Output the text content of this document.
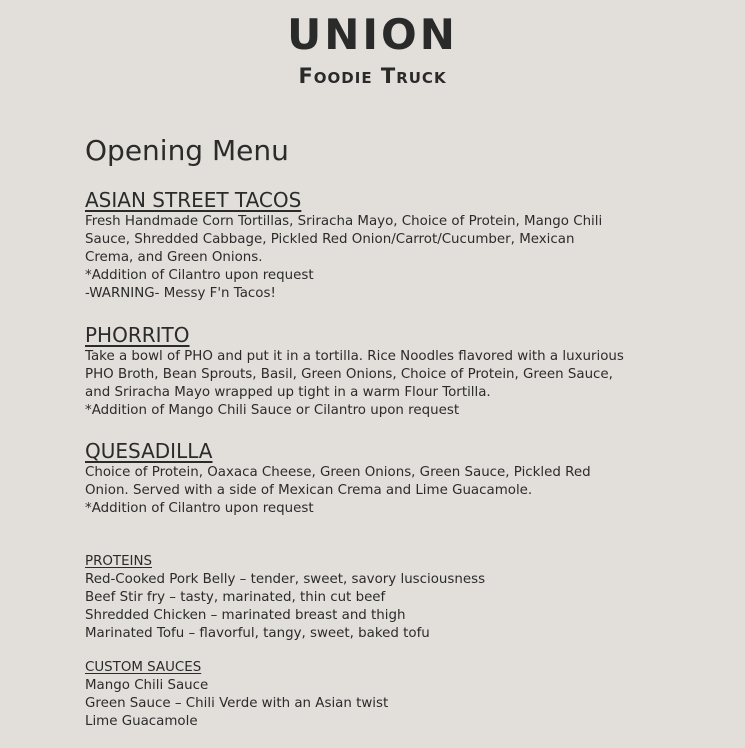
UNION
Foodie Truck
Opening Menu
ASIAN STREET TACOS

Fresh Handmade Corn Tortillas, Sriracha Mayo, Choice of Protein, Mango Chili

Sauce, Shredded Cabbage, Pickled Red Onion/Carrot/Cucumber, Mexican

Crema, and Green Onions.

*Addition of Cilantro upon request

-WARNING- Messy F'n Tacos!

PHORRITO

Take a bowl of PHO and put it in a tortilla. Rice Noodles flavored with a luxurious

PHO Broth, Bean Sprouts, Basil, Green Onions, Choice of Protein, Green Sauce,

and Sriracha Mayo wrapped up tight in a warm Flour Tortilla.

*Addition of Mango Chili Sauce or Cilantro upon request

QUESADILLA

Choice of Protein, Oaxaca Cheese, Green Onions, Green Sauce, Pickled Red

Onion. Served with a side of Mexican Crema and Lime Guacamole.

*Addition of Cilantro upon request

PROTEINS

Red-Cooked Pork Belly – tender, sweet, savory lusciousness

Beef Stir fry – tasty, marinated, thin cut beef

Shredded Chicken – marinated breast and thigh

Marinated Tofu – flavorful, tangy, sweet, baked tofu

CUSTOM SAUCES

Mango Chili Sauce

Green Sauce – Chili Verde with an Asian twist

Lime Guacamole
